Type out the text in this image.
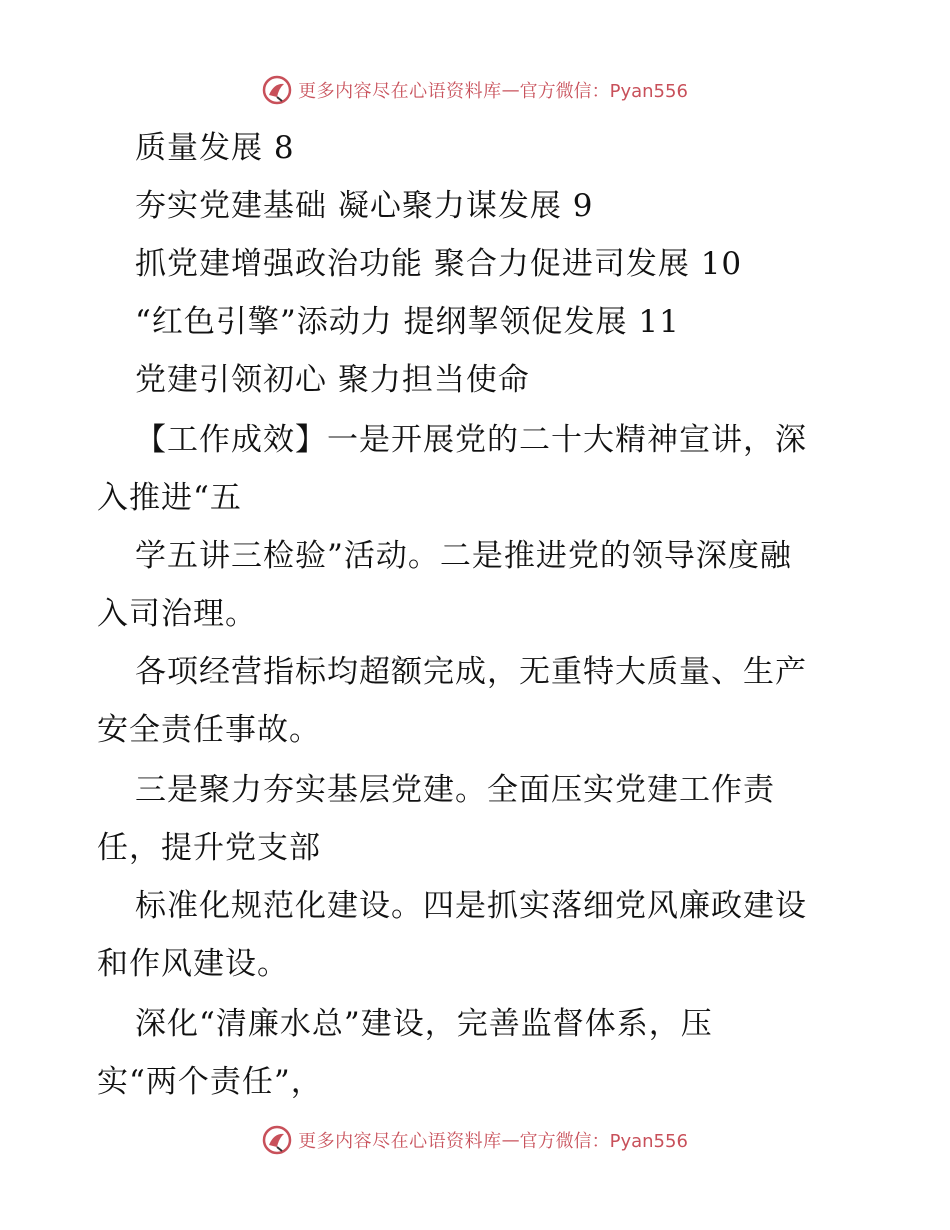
更多内容尽在心语资料库 — 官方微信：Pyan556
质量发展 8
夯实党建基础 凝心聚力谋发展 9
抓党建增强政治功能 聚合力促进司发展 10
“红色引擎”添动力 提纲挈领促发展 11
党建引领初心 聚力担当使命
【工作成效】一是开展党的二十大精神宣讲，深
入推进“五
学五讲三检验”活动。二是推进党的领导深度融
入司治理。
各项经营指标均超额完成，无重特大质量、生产
安全责任事故。
三是聚力夯实基层党建。全面压实党建工作责
任，提升党支部
标准化规范化建设。四是抓实落细党风廉政建设
和作风建设。
深化“清廉水总”建设，完善监督体系，压
实“两个责任”，
更多内容尽在心语资料库 — 官方微信：Pyan556
